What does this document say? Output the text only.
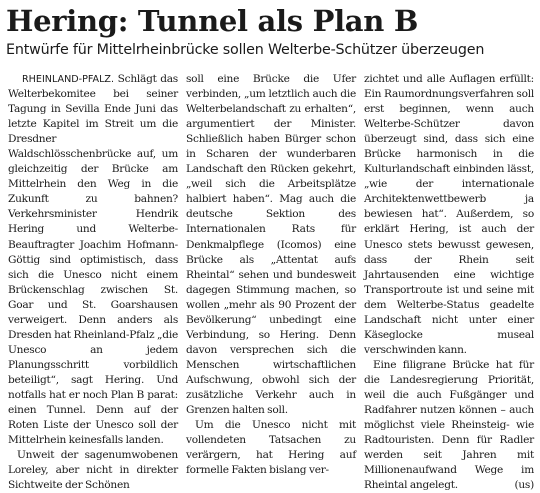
Hering: Tunnel als Plan B
Entwürfe für Mittelrheinbrücke sollen Welterbe-Schützer überzeugen

RHEINLAND-PFALZ. Schlägt das Welterbekomitee bei seiner Tagung in Sevilla Ende Juni das letzte Kapitel im Streit um die Dresdner Waldschlösschenbrücke auf, um gleichzeitig der Brücke am Mittelrhein den Weg in die Zukunft zu bahnen? Verkehrsminister Hendrik Hering und Welterbe-Beauftragter Joachim Hofmann-Göttig sind optimistisch, dass sich die Unesco nicht einem Brückenschlag zwischen St. Goar und St. Goarshausen verweigert. Denn anders als Dresden hat Rheinland-Pfalz „die Unesco an jedem Planungsschritt vorbildlich beteiligt“, sagt Hering. Und notfalls hat er noch Plan B parat: einen Tunnel. Denn auf der Roten Liste der Unesco soll der Mittelrhein keinesfalls landen.

Unweit der sagenumwobenen Loreley, aber nicht in direkter Sichtweite der Schönen

soll eine Brücke die Ufer verbinden, „um letztlich auch die Welterbelandschaft zu erhalten“, argumentiert der Minister. Schließlich haben Bürger schon in Scharen der wunderbaren Landschaft den Rücken gekehrt, „weil sich die Arbeitsplätze halbiert haben“. Mag auch die deutsche Sektion des Internationalen Rats für Denkmalpflege (Icomos) eine Brücke als „Attentat aufs Rheintal“ sehen und bundesweit dagegen Stimmung machen, so wollen „mehr als 90 Prozent der Bevölkerung“ unbedingt eine Verbindung, so Hering. Denn davon versprechen sich die Menschen wirtschaftlichen Aufschwung, obwohl sich der zusätzliche Verkehr auch in Grenzen halten soll.

Um die Unesco nicht mit vollendeten Tatsachen zu verärgern, hat Hering auf formelle Fakten bislang ver-

zichtet und alle Auflagen erfüllt: Ein Raumordnungsverfahren soll erst beginnen, wenn auch Welterbe-Schützer davon überzeugt sind, dass sich eine Brücke harmonisch in die Kulturlandschaft einbinden lässt, „wie der internationale Architektenwettbewerb ja bewiesen hat“. Außerdem, so erklärt Hering, ist auch der Unesco stets bewusst gewesen, dass der Rhein seit Jahrtausenden eine wichtige Transportroute ist und seine mit dem Welterbe-Status geadelte Landschaft nicht unter einer Käseglocke museal verschwinden kann.

Eine filigrane Brücke hat für die Landesregierung Priorität, weil die auch Fußgänger und Radfahrer nutzen können – auch möglichst viele Rheinsteig- wie Radtouristen. Denn für Radler werden seit Jahren mit Millionenaufwand Wege im Rheintal angelegt.	(us)
